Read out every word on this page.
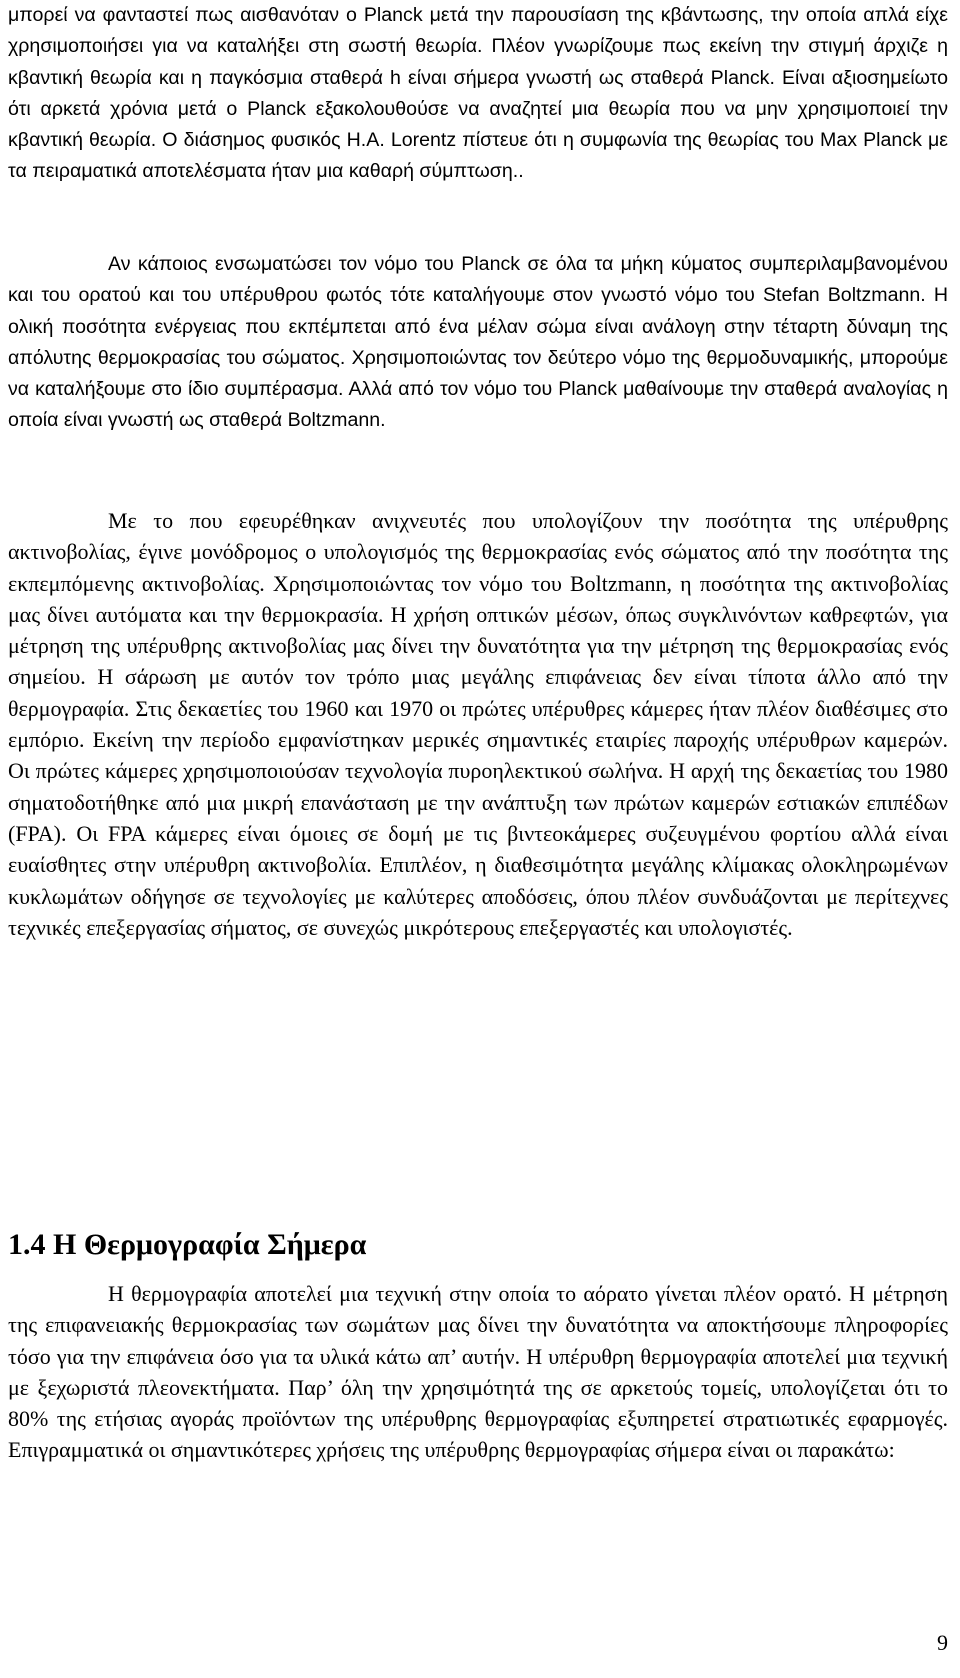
μπορεί να φανταστεί πως αισθανόταν ο Planck μετά την παρουσίαση της κβάντωσης, την οποία απλά είχε χρησιμοποιήσει για να καταλήξει στη σωστή θεωρία. Πλέον γνωρίζουμε πως εκείνη την στιγμή άρχιζε η κβαντική θεωρία και η παγκόσμια σταθερά h είναι σήμερα γνωστή ως σταθερά Planck. Είναι αξιοσημείωτο ότι αρκετά χρόνια μετά ο Planck εξακολουθούσε να αναζητεί μια θεωρία που να μην χρησιμοποιεί την κβαντική θεωρία. Ο διάσημος φυσικός H.A. Lorentz πίστευε ότι η συμφωνία της θεωρίας του Max Planck με τα πειραματικά αποτελέσματα ήταν μια καθαρή σύμπτωση..

Αν κάποιος ενσωματώσει τον νόμο του Planck σε όλα τα μήκη κύματος συμπεριλαμβανομένου και του ορατού και του υπέρυθρου φωτός τότε καταλήγουμε στον γνωστό νόμο του Stefan Boltzmann. Η ολική ποσότητα ενέργειας που εκπέμπεται από ένα μέλαν σώμα είναι ανάλογη στην τέταρτη δύναμη της απόλυτης θερμοκρασίας του σώματος. Χρησιμοποιώντας τον δεύτερο νόμο της θερμοδυναμικής, μπορούμε να καταλήξουμε στο ίδιο συμπέρασμα. Αλλά από τον νόμο του Planck μαθαίνουμε την σταθερά αναλογίας η οποία είναι γνωστή ως σταθερά Boltzmann.

Με το που εφευρέθηκαν ανιχνευτές που υπολογίζουν την ποσότητα της υπέρυθρης ακτινοβολίας, έγινε μονόδρομος ο υπολογισμός της θερμοκρασίας ενός σώματος από την ποσότητα της εκπεμπόμενης ακτινοβολίας. Χρησιμοποιώντας τον νόμο του Boltzmann, η ποσότητα της ακτινοβολίας μας δίνει αυτόματα και την θερμοκρασία. Η χρήση οπτικών μέσων, όπως συγκλινόντων καθρεφτών, για μέτρηση της υπέρυθρης ακτινοβολίας μας δίνει την δυνατότητα για την μέτρηση της θερμοκρασίας ενός σημείου. Η σάρωση με αυτόν τον τρόπο μιας μεγάλης επιφάνειας δεν είναι τίποτα άλλο από την θερμογραφία. Στις δεκαετίες του 1960 και 1970 οι πρώτες υπέρυθρες κάμερες ήταν πλέον διαθέσιμες στο εμπόριο. Εκείνη την περίοδο εμφανίστηκαν μερικές σημαντικές εταιρίες παροχής υπέρυθρων καμερών. Οι πρώτες κάμερες χρησιμοποιούσαν τεχνολογία πυροηλεκτικού σωλήνα. Η αρχή της δεκαετίας του 1980 σηματοδοτήθηκε από μια μικρή επανάσταση με την ανάπτυξη των πρώτων καμερών εστιακών επιπέδων (FPA). Οι FPA κάμερες είναι όμοιες σε δομή με τις βιντεοκάμερες συζευγμένου φορτίου αλλά είναι ευαίσθητες στην υπέρυθρη ακτινοβολία. Επιπλέον, η διαθεσιμότητα μεγάλης κλίμακας ολοκληρωμένων κυκλωμάτων οδήγησε σε τεχνολογίες με καλύτερες αποδόσεις, όπου πλέον συνδυάζονται με περίτεχνες τεχνικές επεξεργασίας σήματος, σε συνεχώς μικρότερους επεξεργαστές και υπολογιστές.

1.4 Η Θερμογραφία Σήμερα

Η θερμογραφία αποτελεί μια τεχνική στην οποία το αόρατο γίνεται πλέον ορατό. Η μέτρηση της επιφανειακής θερμοκρασίας των σωμάτων μας δίνει την δυνατότητα να αποκτήσουμε πληροφορίες τόσο για την επιφάνεια όσο για τα υλικά κάτω απ’ αυτήν. Η υπέρυθρη θερμογραφία αποτελεί μια τεχνική με ξεχωριστά πλεονεκτήματα. Παρ’ όλη την χρησιμότητά της σε αρκετούς τομείς, υπολογίζεται ότι το 80% της ετήσιας αγοράς προϊόντων της υπέρυθρης θερμογραφίας εξυπηρετεί στρατιωτικές εφαρμογές. Επιγραμματικά οι σημαντικότερες χρήσεις της υπέρυθρης θερμογραφίας σήμερα είναι οι παρακάτω:

9
